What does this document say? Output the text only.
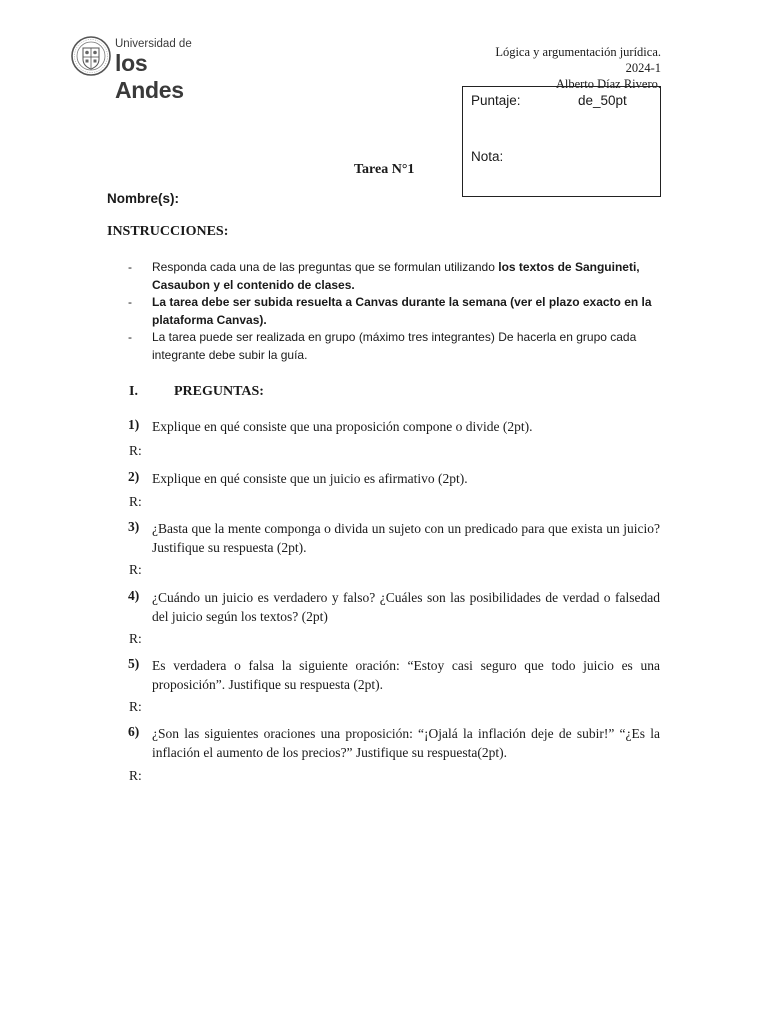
Universidad de
los Andes
Lógica y argumentación jurídica.
2024-1
Alberto Díaz Rivero.
Puntaje:	de_50pt
Nota:
Tarea N°1
Nombre(s):
INSTRUCCIONES:
- Responda cada una de las preguntas que se formulan utilizando los textos de Sanguineti, Casaubon y el contenido de clases.
- La tarea debe ser subida resuelta a Canvas durante la semana (ver el plazo exacto en la plataforma Canvas).
- La tarea puede ser realizada en grupo (máximo tres integrantes) De hacerla en grupo cada integrante debe subir la guía.
I.	PREGUNTAS:
1) Explique en qué consiste que una proposición compone o divide (2pt).
R:
2) Explique en qué consiste que un juicio es afirmativo (2pt).
R:
3) ¿Basta que la mente componga o divida un sujeto con un predicado para que exista un juicio? Justifique su respuesta (2pt).
R:
4) ¿Cuándo un juicio es verdadero y falso? ¿Cuáles son las posibilidades de verdad o falsedad del juicio según los textos? (2pt)
R:
5) Es verdadera o falsa la siguiente oración: “Estoy casi seguro que todo juicio es una proposición”. Justifique su respuesta (2pt).
R:
6) ¿Son las siguientes oraciones una proposición: “¡Ojalá la inflación deje de subir!” “¿Es la inflación el aumento de los precios?” Justifique su respuesta(2pt).
R:
